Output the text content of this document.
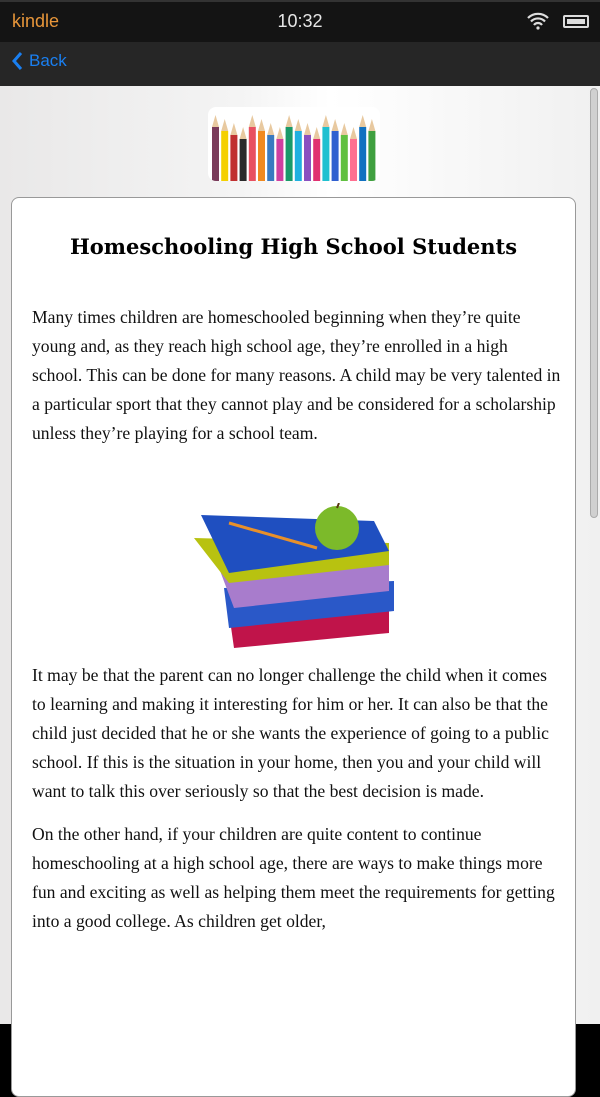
kindle	10:32
Back
Homeschooling High School Students

Many times children are homeschooled beginning when they’re quite young and, as they reach high school age, they’re enrolled in a high school. This can be done for many reasons. A child may be very talented in a particular sport that they cannot play and be considered for a scholarship unless they’re playing for a school team.

It may be that the parent can no longer challenge the child when it comes to learning and making it interesting for him or her. It can also be that the child just decided that he or she wants the experience of going to a public school. If this is the situation in your home, then you and your child will want to talk this over seriously so that the best decision is made.

On the other hand, if your children are quite content to continue homeschooling at a high school age, there are ways to make things more fun and exciting as well as helping them meet the requirements for getting into a good college. As children get older,
